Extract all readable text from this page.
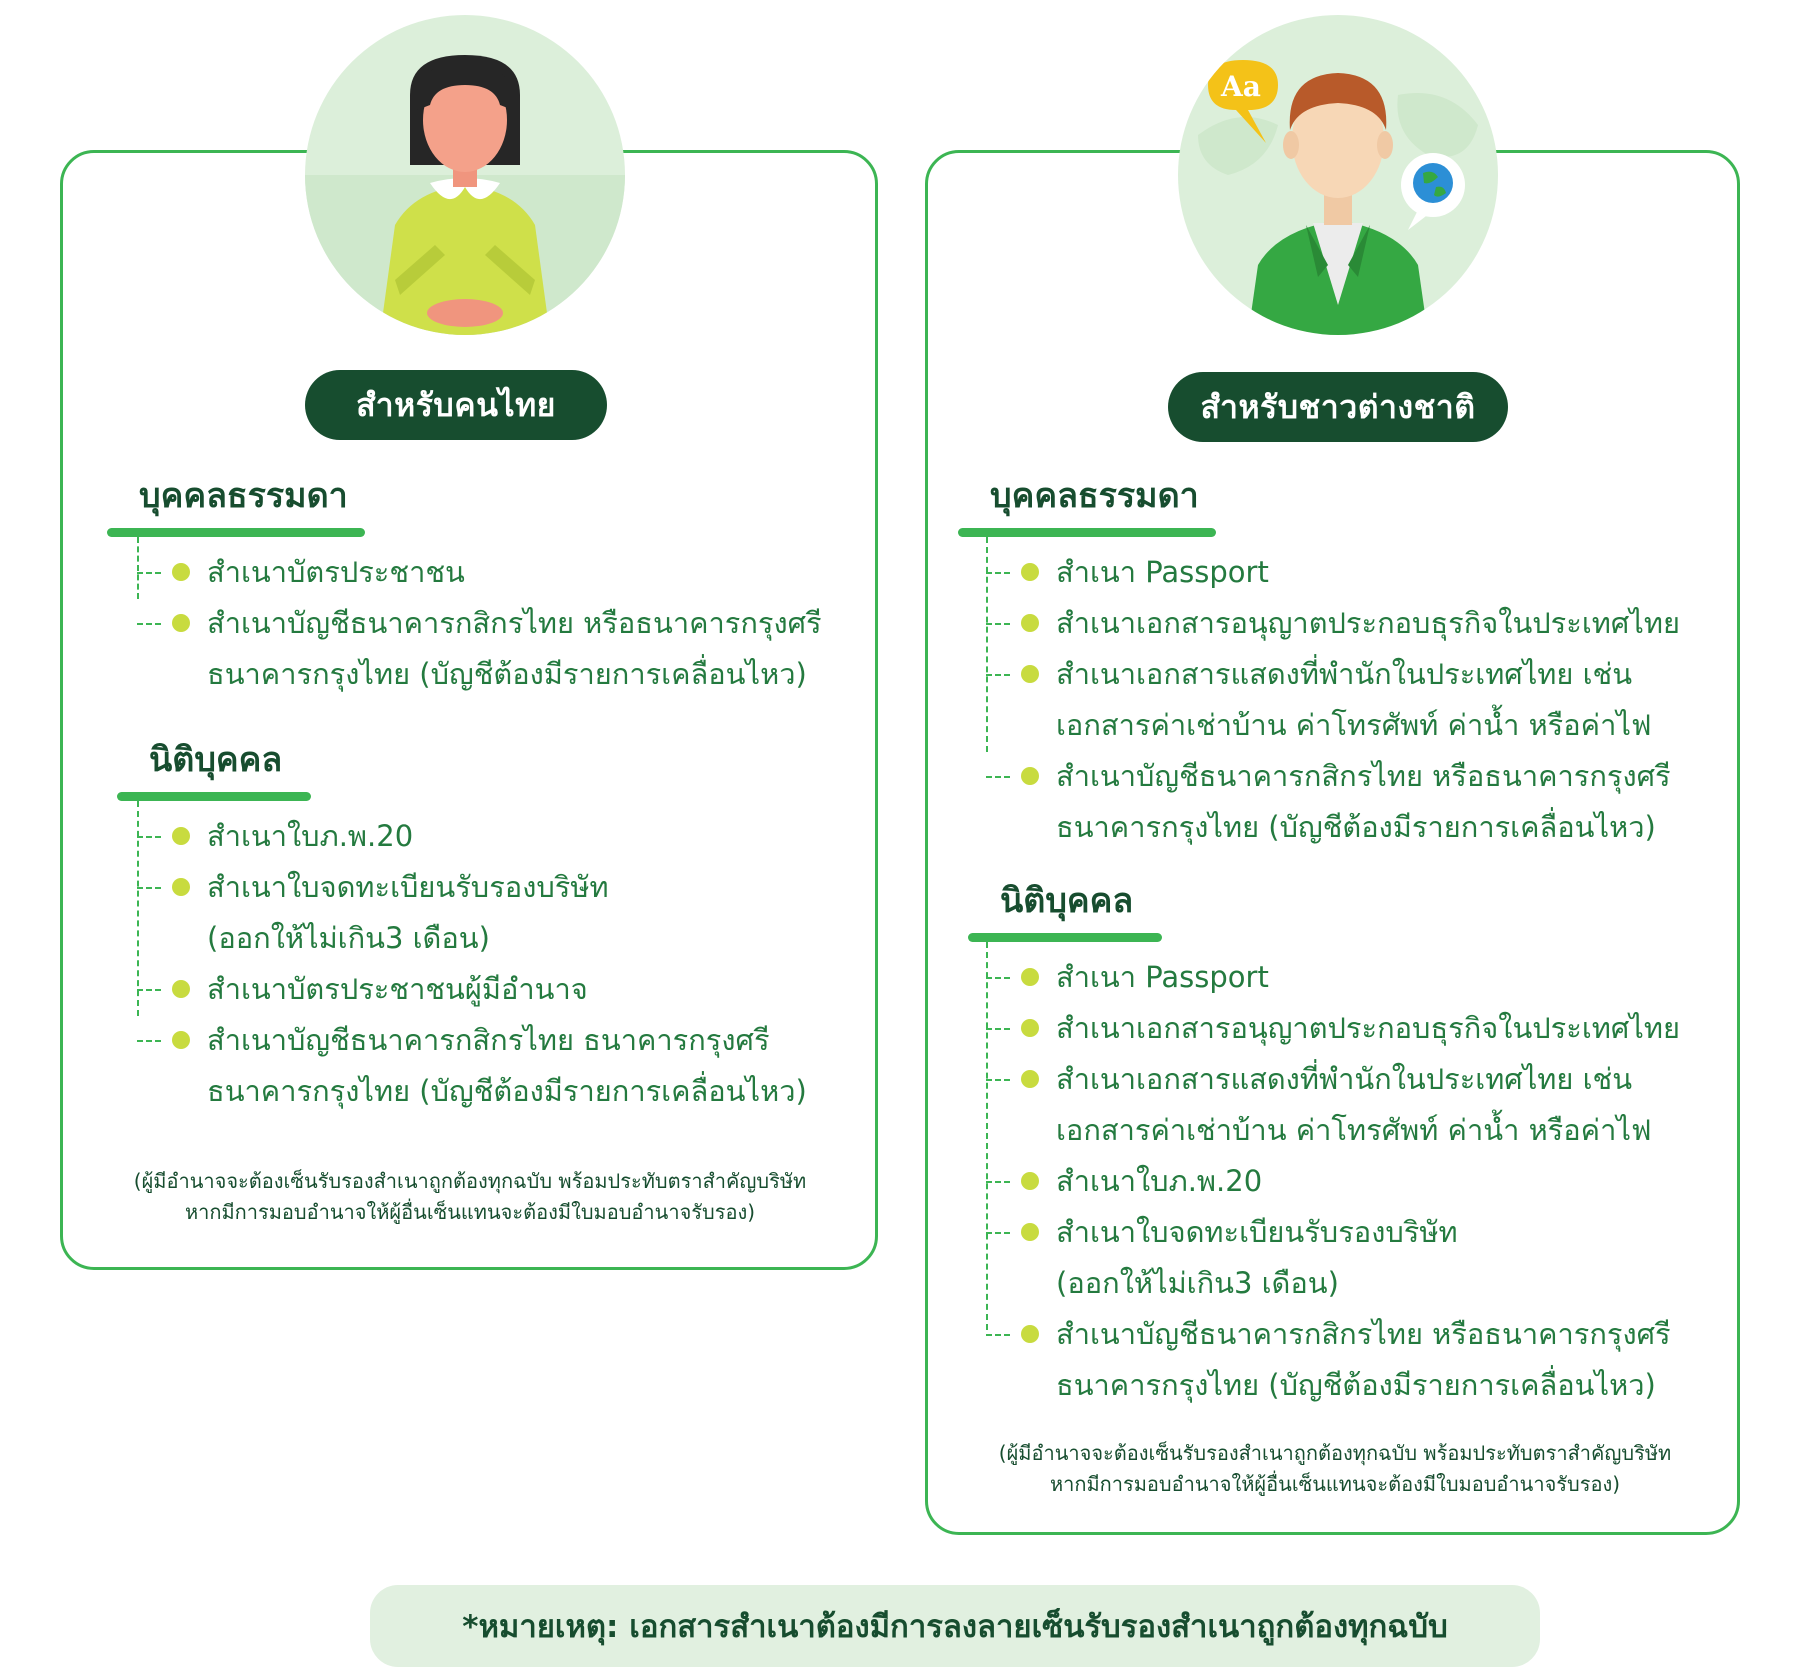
สำหรับคนไทย
บุคคลธรรมดา
สำเนาบัตรประชาชน
สำเนาบัญชีธนาคารกสิกรไทย หรือธนาคารกรุงศรี
ธนาคารกรุงไทย (บัญชีต้องมีรายการเคลื่อนไหว)
นิติบุคคล
สำเนาใบภ.พ.20
สำเนาใบจดทะเบียนรับรองบริษัท
(ออกให้ไม่เกิน3 เดือน)
สำเนาบัตรประชาชนผู้มีอำนาจ
สำเนาบัญชีธนาคารกสิกรไทย ธนาคารกรุงศรี
ธนาคารกรุงไทย (บัญชีต้องมีรายการเคลื่อนไหว)
(ผู้มีอำนาจจะต้องเซ็นรับรองสำเนาถูกต้องทุกฉบับ พร้อมประทับตราสำคัญบริษัท
หากมีการมอบอำนาจให้ผู้อื่นเซ็นแทนจะต้องมีใบมอบอำนาจรับรอง)
Aa
สำหรับชาวต่างชาติ
บุคคลธรรมดา
สำเนา Passport
สำเนาเอกสารอนุญาตประกอบธุรกิจในประเทศไทย
สำเนาเอกสารแสดงที่พำนักในประเทศไทย เช่น
เอกสารค่าเช่าบ้าน ค่าโทรศัพท์ ค่าน้ำ หรือค่าไฟ
สำเนาบัญชีธนาคารกสิกรไทย หรือธนาคารกรุงศรี
ธนาคารกรุงไทย (บัญชีต้องมีรายการเคลื่อนไหว)
นิติบุคคล
สำเนา Passport
สำเนาเอกสารอนุญาตประกอบธุรกิจในประเทศไทย
สำเนาเอกสารแสดงที่พำนักในประเทศไทย เช่น
เอกสารค่าเช่าบ้าน ค่าโทรศัพท์ ค่าน้ำ หรือค่าไฟ
สำเนาใบภ.พ.20
สำเนาใบจดทะเบียนรับรองบริษัท
(ออกให้ไม่เกิน3 เดือน)
สำเนาบัญชีธนาคารกสิกรไทย หรือธนาคารกรุงศรี
ธนาคารกรุงไทย (บัญชีต้องมีรายการเคลื่อนไหว)
(ผู้มีอำนาจจะต้องเซ็นรับรองสำเนาถูกต้องทุกฉบับ พร้อมประทับตราสำคัญบริษัท
หากมีการมอบอำนาจให้ผู้อื่นเซ็นแทนจะต้องมีใบมอบอำนาจรับรอง)
*หมายเหตุ: เอกสารสำเนาต้องมีการลงลายเซ็นรับรองสำเนาถูกต้องทุกฉบับ
